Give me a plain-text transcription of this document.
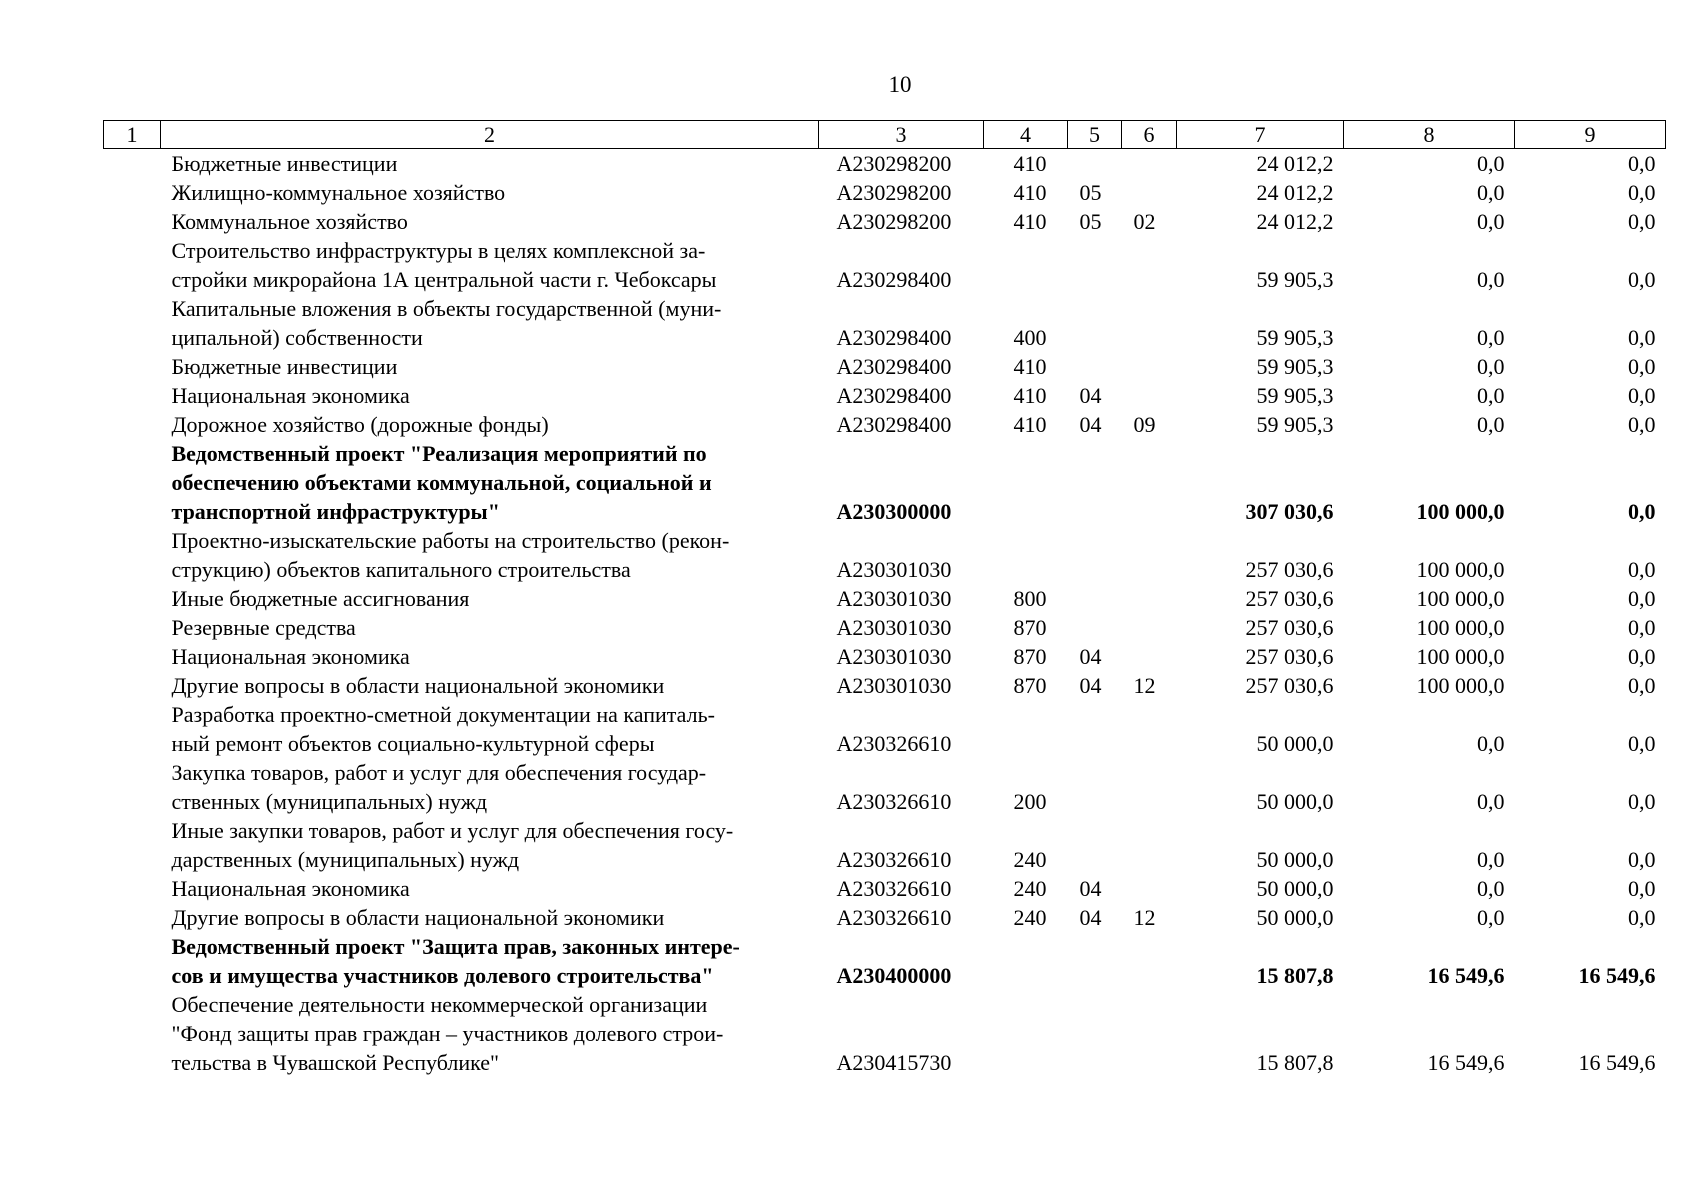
10
1	2	3	4	5	6	7	8	9

	Бюджетные инвестиции	А230298200	410			24 012,2	0,0	0,0

	Жилищно-коммунальное хозяйство	А230298200	410	05		24 012,2	0,0	0,0

	Коммунальное хозяйство	А230298200	410	05	02	24 012,2	0,0	0,0

	Строительство инфраструктуры в целях комплексной за-
стройки микрорайона 1А центральной части г. Чебоксары	А230298400				59 905,3	0,0	0,0

	Капитальные вложения в объекты государственной (муни-
ципальной) собственности	А230298400	400			59 905,3	0,0	0,0

	Бюджетные инвестиции	А230298400	410			59 905,3	0,0	0,0

	Национальная экономика	А230298400	410	04		59 905,3	0,0	0,0

	Дорожное хозяйство (дорожные фонды)	А230298400	410	04	09	59 905,3	0,0	0,0

	Ведомственный проект "Реализация мероприятий по
обеспечению объектами коммунальной, социальной и
транспортной инфраструктуры"	А230300000				307 030,6	100 000,0	0,0

	Проектно-изыскательские работы на строительство (рекон-
струкцию) объектов капитального строительства	А230301030				257 030,6	100 000,0	0,0

	Иные бюджетные ассигнования	А230301030	800			257 030,6	100 000,0	0,0

	Резервные средства	А230301030	870			257 030,6	100 000,0	0,0

	Национальная экономика	А230301030	870	04		257 030,6	100 000,0	0,0

	Другие вопросы в области национальной экономики	А230301030	870	04	12	257 030,6	100 000,0	0,0

	Разработка проектно-сметной документации на капиталь-
ный ремонт объектов социально-культурной сферы	А230326610				50 000,0	0,0	0,0

	Закупка товаров, работ и услуг для обеспечения государ-
ственных (муниципальных) нужд	А230326610	200			50 000,0	0,0	0,0

	Иные закупки товаров, работ и услуг для обеспечения госу-
дарственных (муниципальных) нужд	А230326610	240			50 000,0	0,0	0,0

	Национальная экономика	А230326610	240	04		50 000,0	0,0	0,0

	Другие вопросы в области национальной экономики	А230326610	240	04	12	50 000,0	0,0	0,0

	Ведомственный проект "Защита прав, законных интере-
сов и имущества участников долевого строительства"	А230400000				15 807,8	16 549,6	16 549,6

	Обеспечение деятельности некоммерческой организации
"Фонд защиты прав граждан – участников долевого строи-
тельства в Чувашской Республике"	А230415730				15 807,8	16 549,6	16 549,6
